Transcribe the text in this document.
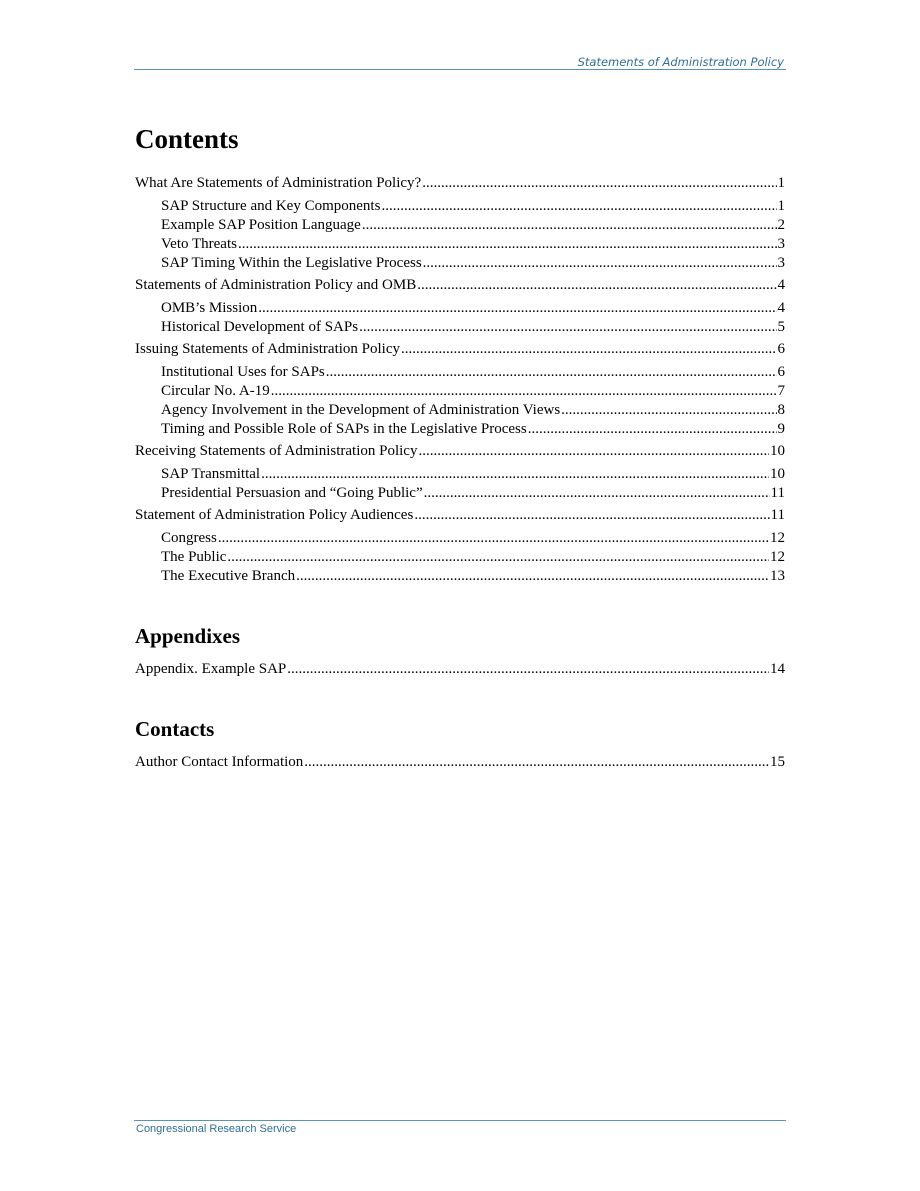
Statements of Administration Policy
Contents
What Are Statements of Administration Policy? .....	1
SAP Structure and Key Components .....	1
Example SAP Position Language .....	2
Veto Threats .....	3
SAP Timing Within the Legislative Process .....	3
Statements of Administration Policy and OMB .....	4
OMB’s Mission .....	4
Historical Development of SAPs .....	5
Issuing Statements of Administration Policy .....	6
Institutional Uses for SAPs .....	6
Circular No. A-19 .....	7
Agency Involvement in the Development of Administration Views .....	8
Timing and Possible Role of SAPs in the Legislative Process .....	9
Receiving Statements of Administration Policy .....	10
SAP Transmittal .....	10
Presidential Persuasion and “Going Public” .....	11
Statement of Administration Policy Audiences .....	11
Congress .....	12
The Public .....	12
The Executive Branch .....	13
Appendixes
Appendix. Example SAP .....	14
Contacts
Author Contact Information .....	15
Congressional Research Service
